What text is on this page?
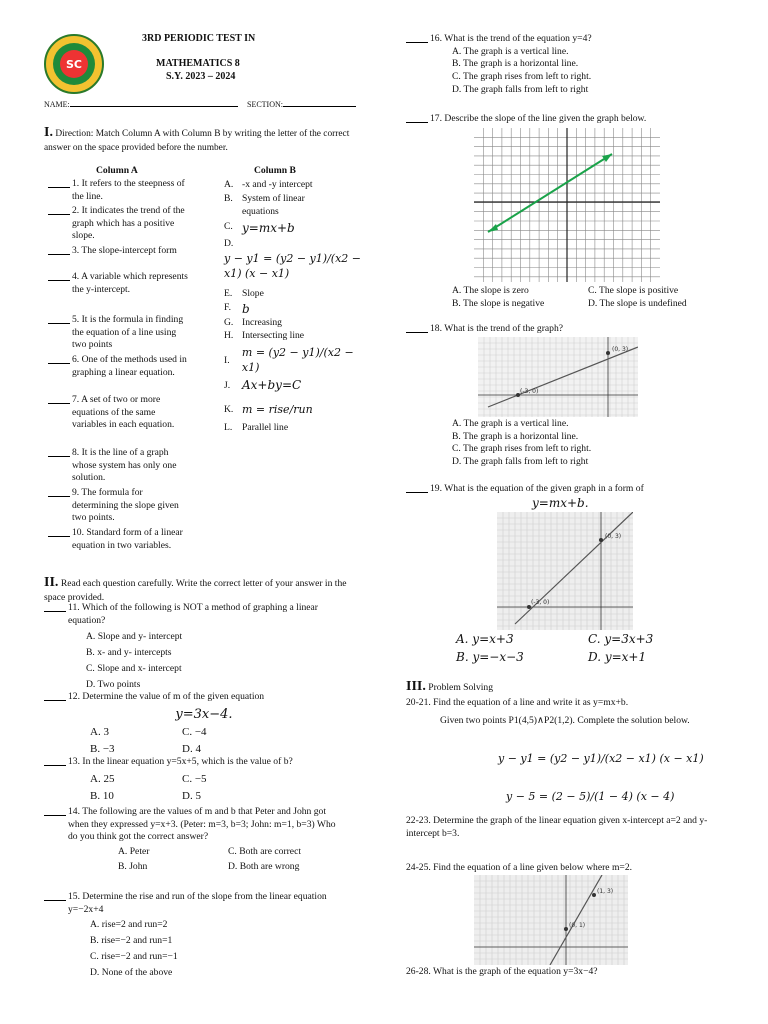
SC
3RD PERIODIC TEST IN
MATHEMATICS 8
S.Y. 2023 – 2024
NAME:	SECTION:
I. Direction: Match Column A with Column B by writing the letter of the correct answer on the space provided before the number.
Column A	Column B
1. It refers to the steepness of the line.
2. It indicates the trend of the graph which has a positive slope.
3. The slope-intercept form
4. A variable which represents the y-intercept.
5. It is the formula in finding the equation of a line using two points
6. One of the methods used in graphing a linear equation.
7. A set of two or more equations of the same variables in each equation.
8. It is the line of a graph whose system has only one solution.
9. The formula for determining the slope given two points.
10. Standard form of a linear equation in two variables.
A. -x and -y intercept
B. System of linear equations
C. y=mx+b
D.
y − y1 = (y2 − y1)/(x2 − x1) (x − x1)
E.	Slope
F. b
G. Increasing
H. Intersecting line
I.
m = (y2 − y1)/(x2 − x1)
J. Ax+by=C
K. m = rise/run
L.	Parallel line
II. Read each question carefully. Write the correct letter of your answer in the space provided.
11. Which of the following is NOT a method of graphing a linear equation?
A. Slope and y- intercept
B. x- and y- intercepts
C. Slope and x- intercept
D. Two points
12. Determine the value of m of the given equation
y=3x−4.
A. 3	C. −4
B. −3	D. 4
13. In the linear equation y=5x+5, which is the value of b?
A. 25	C. −5
B. 10	D. 5
14. The following are the values of m and b that Peter and John got when they expressed y=x+3. (Peter: m=3, b=3; John: m=1, b=3) Who do you think got the correct answer?
A. Peter	C. Both are correct
B. John	D. Both are wrong
15. Determine the rise and run of the slope from the linear equation y=−2x+4
A. rise=2 and run=2
B. rise=−2 and run=1
C. rise=−2 and run=−1
D. None of the above
16. What is the trend of the equation y=4?
A. The graph is a vertical line.
B. The graph is a horizontal line.
C. The graph rises from left to right.
D. The graph falls from left to right
17. Describe the slope of the line given the graph below.
A. The slope is zero	C. The slope is positive
B. The slope is negative	D. The slope is undefined
18. What is the trend of the graph?
(-3, 0)
(0, 3)
A. The graph is a vertical line.
B. The graph is a horizontal line.
C. The graph rises from left to right.
D. The graph falls from left to right
19. What is the equation of the given graph in a form of
y=mx+b.
(-3, 0)
(0, 3)
A. y=x+3	C. y=3x+3
B. y=−x−3	D. y=x+1
III. Problem Solving
20-21. Find the equation of a line and write it as y=mx+b.
Given two points P1(4,5)∧P2(1,2). Complete the solution below.
y − y1 = (y2 − y1)/(x2 − x1) (x − x1)
y − 5 = (2 − 5)/(1 − 4) (x − 4)
22-23. Determine the graph of the linear equation given x-intercept a=2 and y-intercept b=3.
24-25. Find the equation of a line given below where m=2.
(0, 1)
(1, 3)
26-28. What is the graph of the equation y=3x−4?
